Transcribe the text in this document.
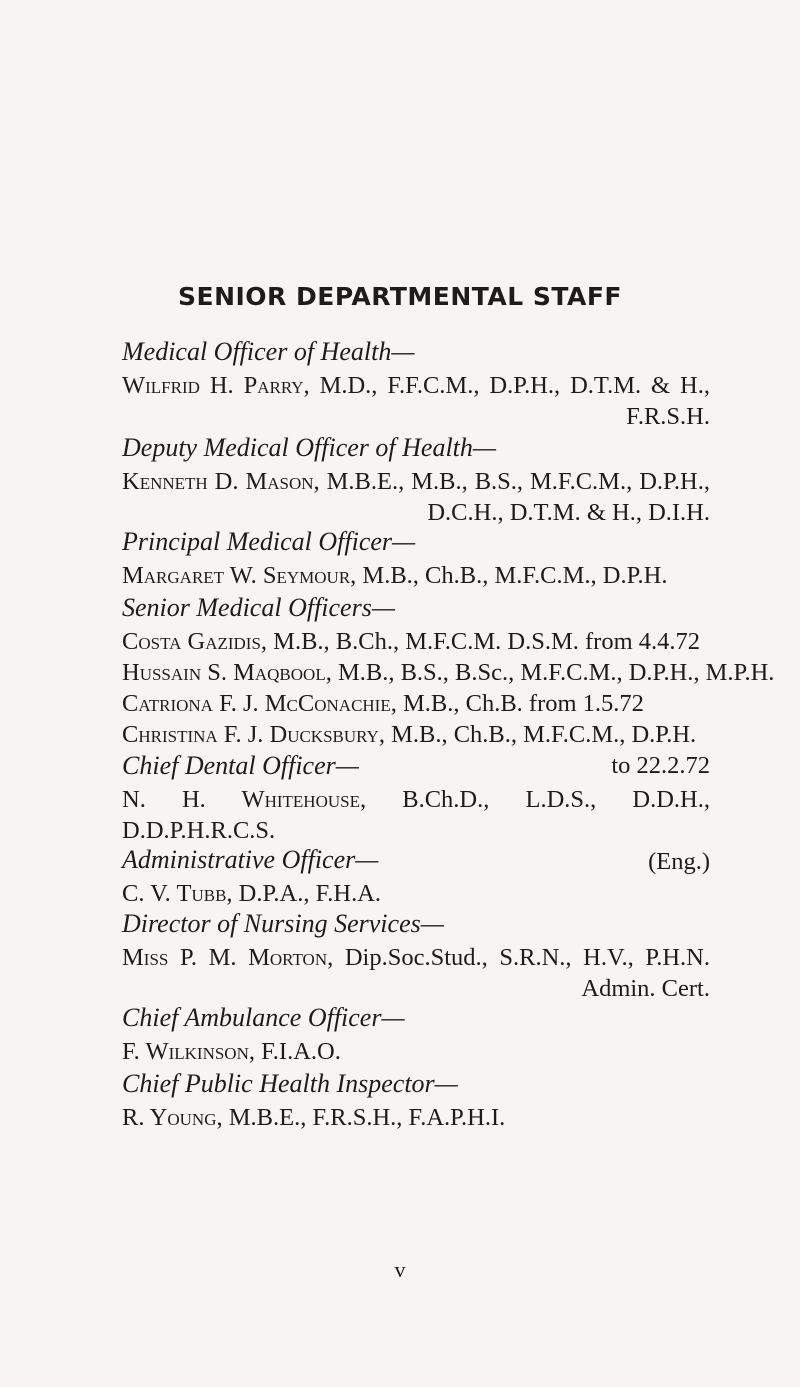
SENIOR DEPARTMENTAL STAFF
Medical Officer of Health—
Wilfrid H. Parry, M.D., F.F.C.M., D.P.H., D.T.M. & H.,
F.R.S.H.
Deputy Medical Officer of Health—
Kenneth D. Mason, M.B.E., M.B., B.S., M.F.C.M., D.P.H.,
D.C.H., D.T.M. & H., D.I.H.
Principal Medical Officer—
Margaret W. Seymour, M.B., Ch.B., M.F.C.M., D.P.H.
Senior Medical Officers—
Costa Gazidis, M.B., B.Ch., M.F.C.M. D.S.M. from 4.4.72
Hussain S. Maqbool, M.B., B.S., B.Sc., M.F.C.M., D.P.H., M.P.H.
Catriona F. J. McConachie, M.B., Ch.B. from 1.5.72
Christina F. J. Ducksbury, M.B., Ch.B., M.F.C.M., D.P.H.
to 22.2.72
Chief Dental Officer—
N. H. Whitehouse, B.Ch.D., L.D.S., D.D.H., D.D.P.H.R.C.S.
(Eng.)
Administrative Officer—
C. V. Tubb, D.P.A., F.H.A.
Director of Nursing Services—
Miss P. M. Morton, Dip.Soc.Stud., S.R.N., H.V., P.H.N.
Admin. Cert.
Chief Ambulance Officer—
F. Wilkinson, F.I.A.O.
Chief Public Health Inspector—
R. Young, M.B.E., F.R.S.H., F.A.P.H.I.
v
